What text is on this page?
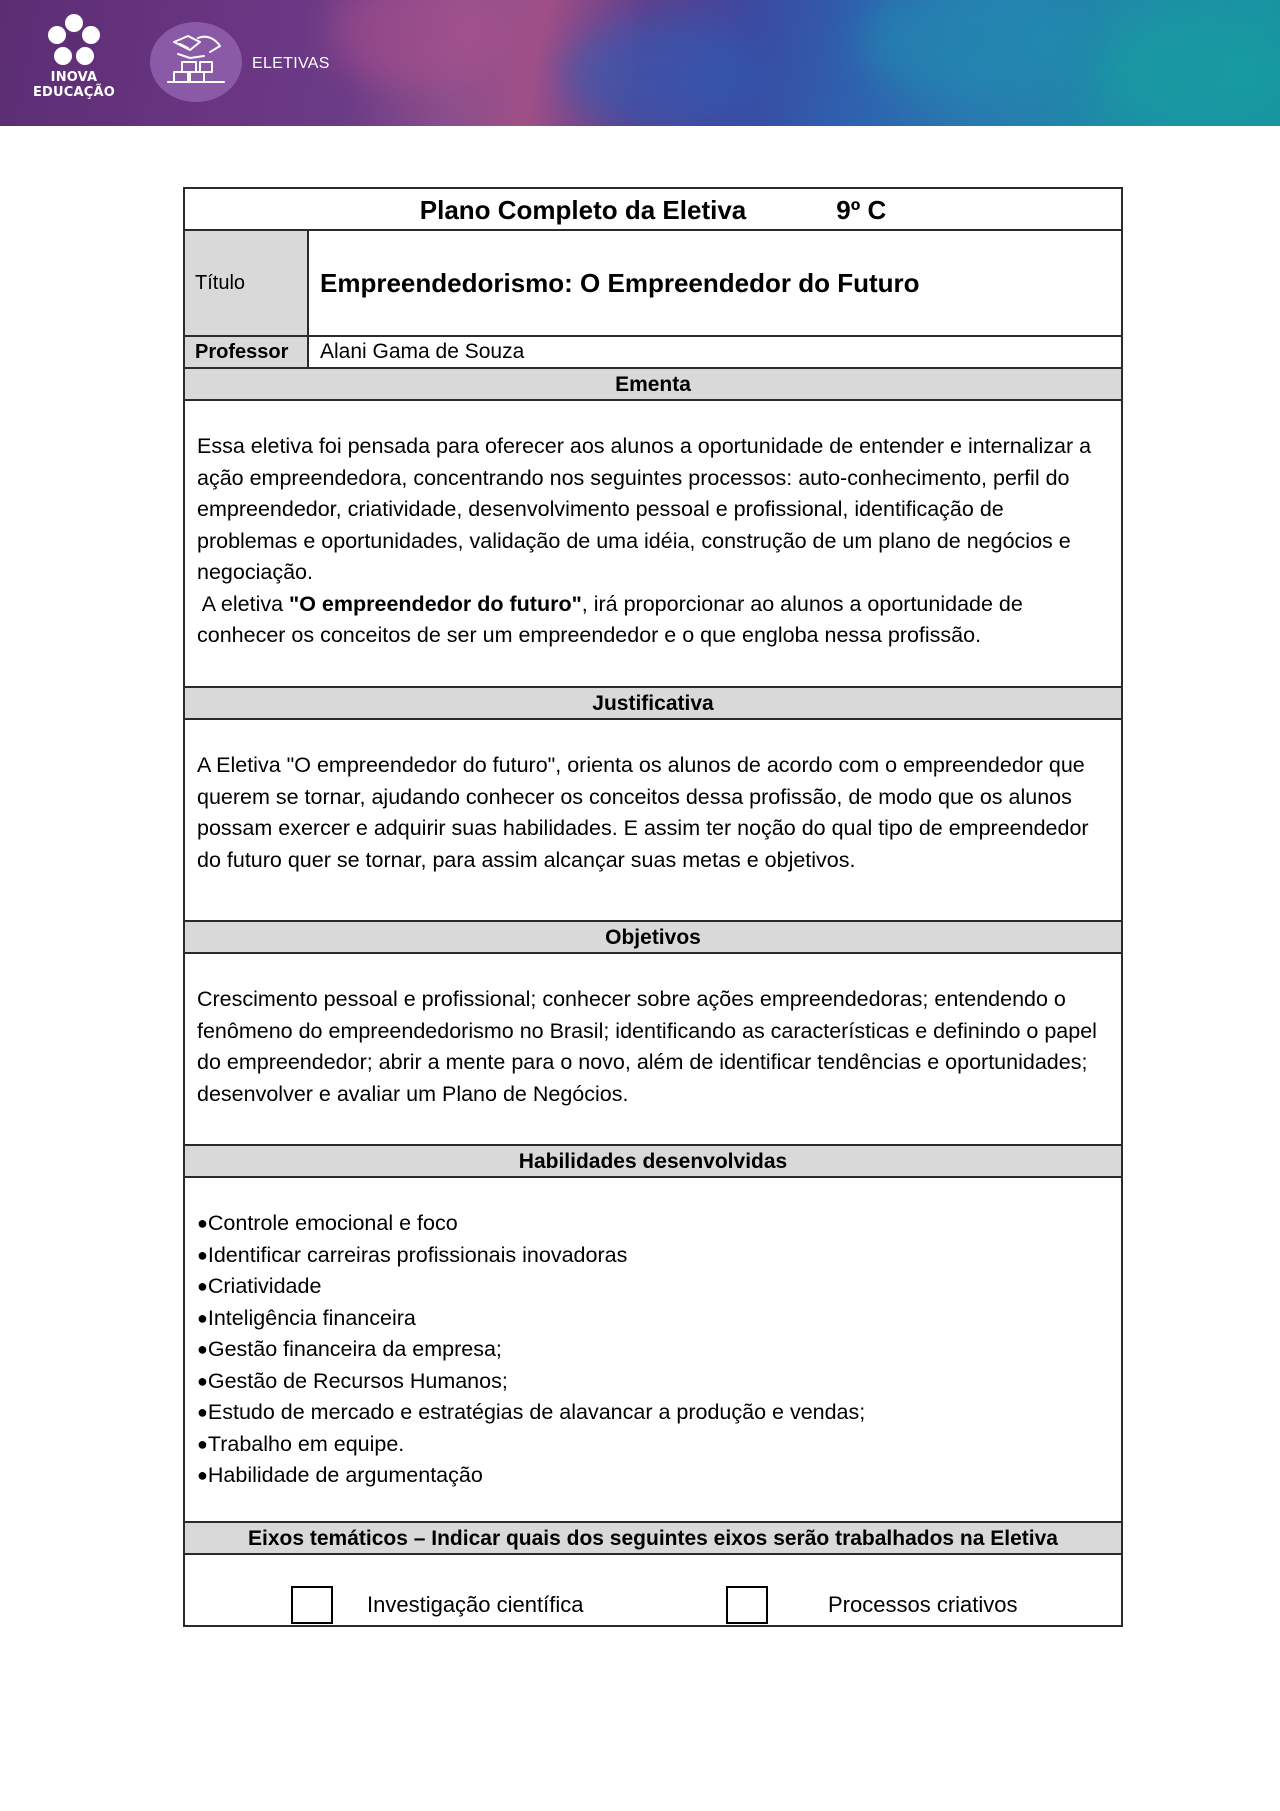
INOVA
EDUCAÇÃO
ELETIVAS
Plano Completo da Eletiva	9º C
Título	Empreendedorismo: O Empreendedor do Futuro
Professor	Alani Gama de Souza
Ementa

Essa eletiva foi pensada para oferecer aos alunos a oportunidade de entender e internalizar a ação empreendedora, concentrando nos seguintes processos: auto-conhecimento, perfil do empreendedor, criatividade, desenvolvimento pessoal e profissional, identificação de problemas e oportunidades, validação de uma idéia, construção de um plano de negócios e negociação.

A eletiva "O empreendedor do futuro", irá proporcionar ao alunos a oportunidade de conhecer os conceitos de ser um empreendedor e o que engloba nessa profissão.

Justificativa

A Eletiva "O empreendedor do futuro", orienta os alunos de acordo com o empreendedor que querem se tornar, ajudando conhecer os conceitos dessa profissão, de modo que os alunos possam exercer e adquirir suas habilidades. E assim ter noção do qual tipo de empreendedor do futuro quer se tornar, para assim alcançar suas metas e objetivos.

Objetivos

Crescimento pessoal e profissional; conhecer sobre ações empreendedoras; entendendo o fenômeno do empreendedorismo no Brasil; identificando as características e definindo o papel do empreendedor; abrir a mente para o novo, além de identificar tendências e oportunidades; desenvolver e avaliar um Plano de Negócios.

Habilidades desenvolvidas
●Controle emocional e foco
●Identificar carreiras profissionais inovadoras
●Criatividade
●Inteligência financeira
●Gestão financeira da empresa;
●Gestão de Recursos Humanos;
●Estudo de mercado e estratégias de alavancar a produção e vendas;
●Trabalho em equipe.
●Habilidade de argumentação
Eixos temáticos – Indicar quais dos seguintes eixos serão trabalhados na Eletiva
Investigação científica	Processos criativos
